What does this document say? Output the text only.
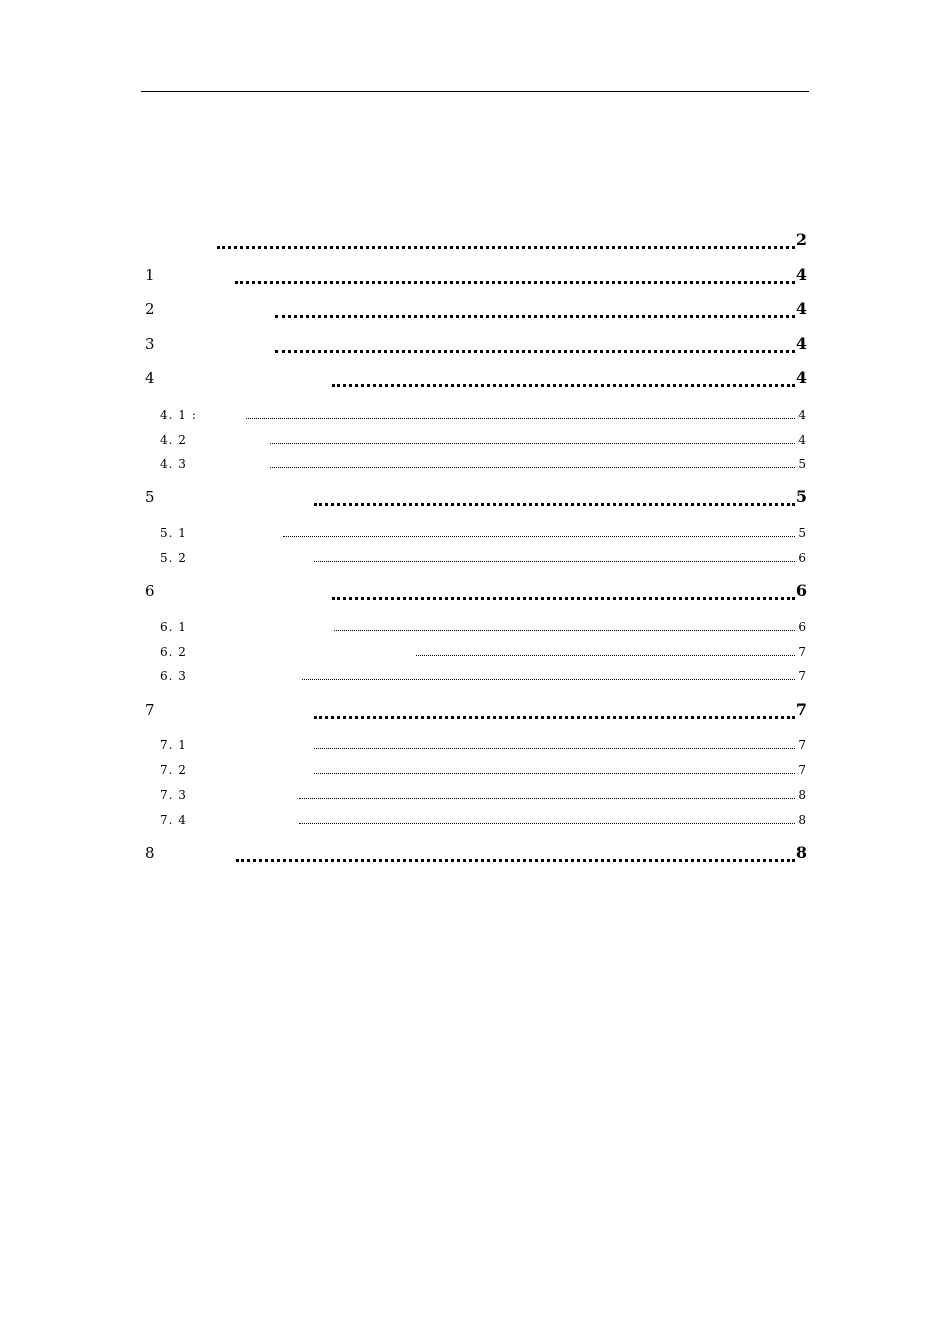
2
1	4
2	4
3	4
4	4
4. 1 :	4
4. 2	4
4. 3	5
5	5
5. 1	5
5. 2	6
6	6
6. 1	6
6. 2	7
6. 3	7
7	7
7. 1	7
7. 2	7
7. 3	8
7. 4	8
8	8
